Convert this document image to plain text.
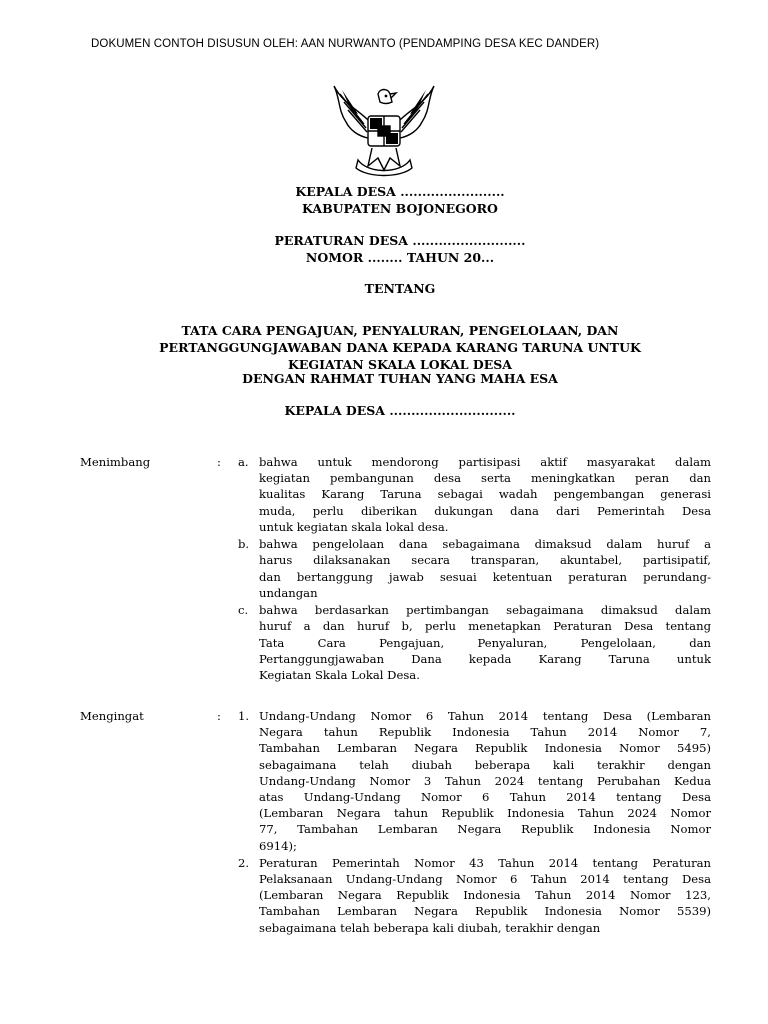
DOKUMEN CONTOH DISUSUN OLEH: AAN NURWANTO (PENDAMPING DESA KEC DANDER)
KEPALA DESA ........................
KABUPATEN BOJONEGORO
PERATURAN DESA ..........................
NOMOR ........ TAHUN 20...
TENTANG
TATA CARA PENGAJUAN, PENYALURAN, PENGELOLAAN, DAN
PERTANGGUNGJAWABAN DANA KEPADA KARANG TARUNA UNTUK
KEGIATAN SKALA LOKAL DESA
DENGAN RAHMAT TUHAN YANG MAHA ESA
KEPALA DESA .............................
Menimbang	: a. bahwa untuk mendorong partisipasi aktif masyarakat dalam
kegiatan pembangunan desa serta meningkatkan peran dan
kualitas Karang Taruna sebagai wadah pengembangan generasi
muda, perlu diberikan dukungan dana dari Pemerintah Desa
untuk kegiatan skala lokal desa.
b. bahwa pengelolaan dana sebagaimana dimaksud dalam huruf a
harus dilaksanakan secara transparan, akuntabel, partisipatif,
dan bertanggung jawab sesuai ketentuan peraturan perundang-
undangan
c. bahwa berdasarkan pertimbangan sebagaimana dimaksud dalam
huruf a dan huruf b, perlu menetapkan Peraturan Desa tentang
Tata Cara Pengajuan, Penyaluran, Pengelolaan, dan
Pertanggungjawaban Dana kepada Karang Taruna untuk
Kegiatan Skala Lokal Desa.
Mengingat	: 1. Undang-Undang Nomor 6 Tahun 2014 tentang Desa (Lembaran
Negara tahun Republik Indonesia Tahun 2014 Nomor 7,
Tambahan Lembaran Negara Republik Indonesia Nomor 5495)
sebagaimana telah diubah beberapa kali terakhir dengan
Undang-Undang Nomor 3 Tahun 2024 tentang Perubahan Kedua
atas Undang-Undang Nomor 6 Tahun 2014 tentang Desa
(Lembaran Negara tahun Republik Indonesia Tahun 2024 Nomor
77, Tambahan Lembaran Negara Republik Indonesia Nomor
6914);
2. Peraturan Pemerintah Nomor 43 Tahun 2014 tentang Peraturan
Pelaksanaan Undang-Undang Nomor 6 Tahun 2014 tentang Desa
(Lembaran Negara Republik Indonesia Tahun 2014 Nomor 123,
Tambahan Lembaran Negara Republik Indonesia Nomor 5539)
sebagaimana telah beberapa kali diubah, terakhir dengan
